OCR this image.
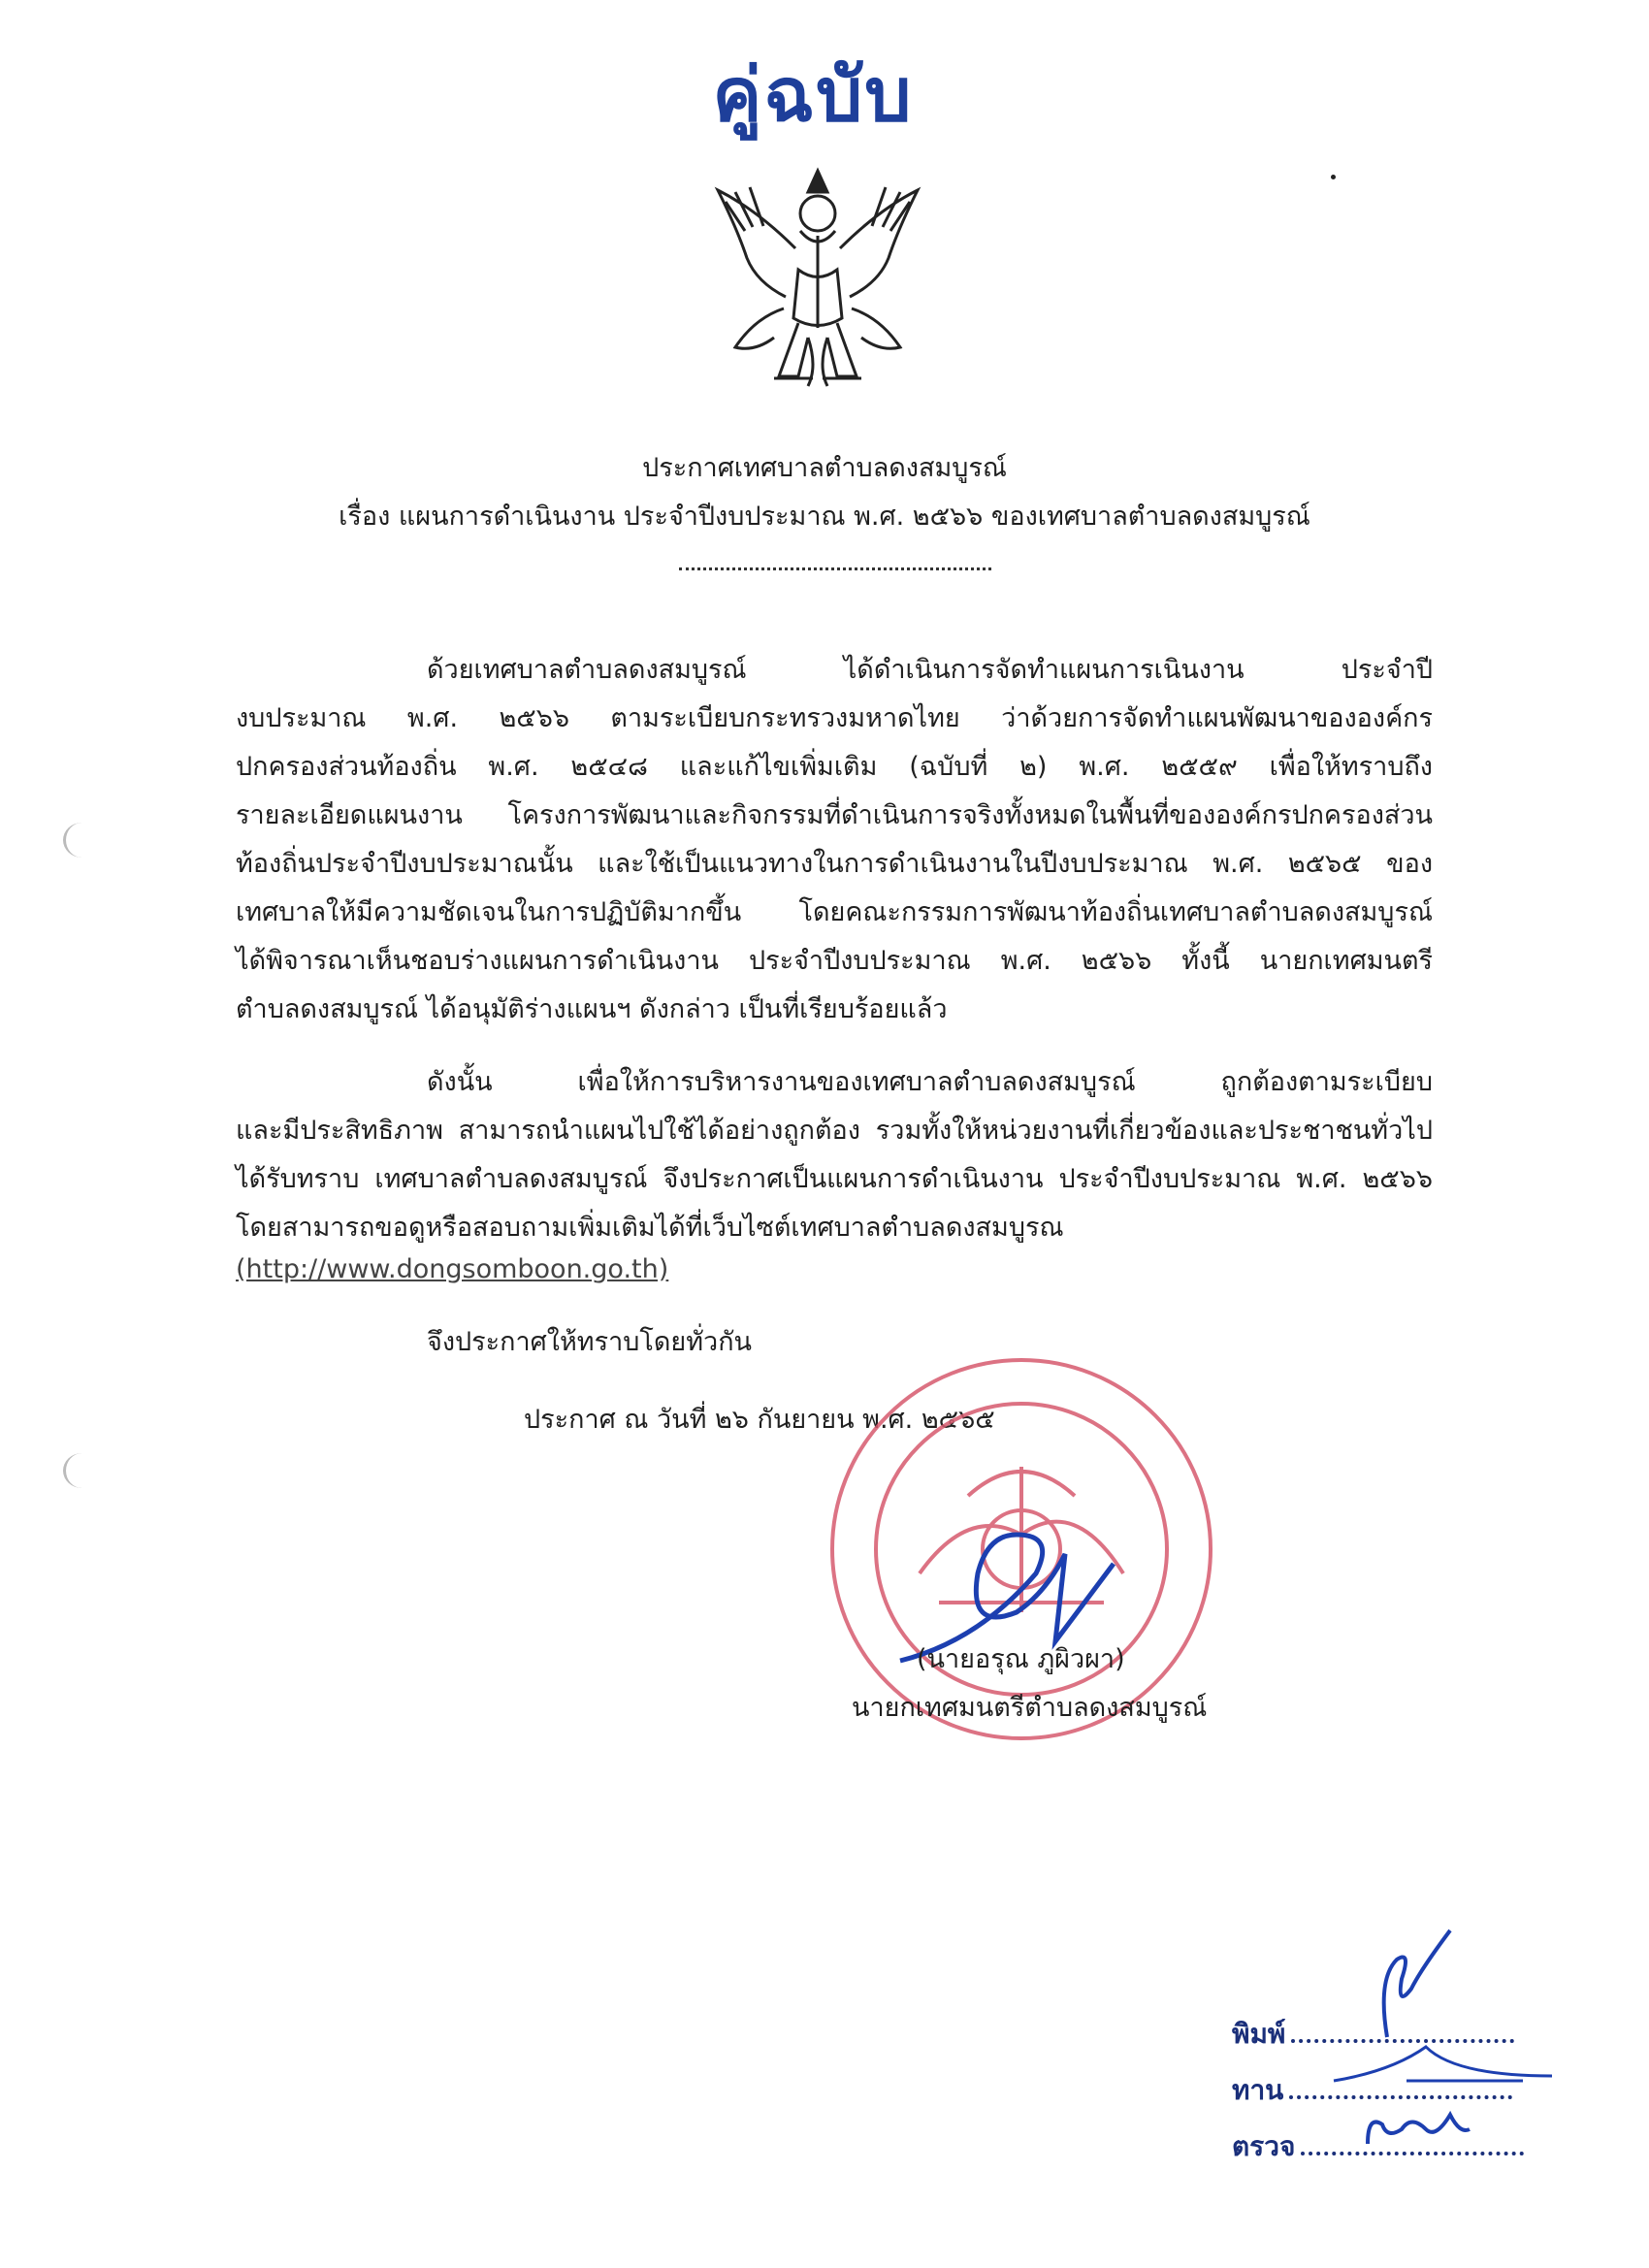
คู่ฉบับ
ประกาศเทศบาลตำบลดงสมบูรณ์
เรื่อง แผนการดำเนินงาน ประจำปีงบประมาณ พ.ศ. ๒๕๖๖ ของเทศบาลตำบลดงสมบูรณ์
ด้วยเทศบาลตำบลดงสมบูรณ์ ได้ดำเนินการจัดทำแผนการเนินงาน ประจำปี
งบประมาณ พ.ศ. ๒๕๖๖ ตามระเบียบกระทรวงมหาดไทย ว่าด้วยการจัดทำแผนพัฒนาขององค์กร
ปกครองส่วนท้องถิ่น พ.ศ. ๒๕๔๘ และแก้ไขเพิ่มเติม (ฉบับที่ ๒) พ.ศ. ๒๕๕๙ เพื่อให้ทราบถึง
รายละเอียดแผนงาน โครงการพัฒนาและกิจกรรมที่ดำเนินการจริงทั้งหมดในพื้นที่ขององค์กรปกครองส่วน
ท้องถิ่นประจำปีงบประมาณนั้น และใช้เป็นแนวทางในการดำเนินงานในปีงบประมาณ พ.ศ. ๒๕๖๕ ของ
เทศบาลให้มีความชัดเจนในการปฏิบัติมากขึ้น โดยคณะกรรมการพัฒนาท้องถิ่นเทศบาลตำบลดงสมบูรณ์
ได้พิจารณาเห็นชอบร่างแผนการดำเนินงาน ประจำปีงบประมาณ พ.ศ. ๒๕๖๖ ทั้งนี้ นายกเทศมนตรี
ตำบลดงสมบูรณ์ ได้อนุมัติร่างแผนฯ ดังกล่าว เป็นที่เรียบร้อยแล้ว
ดังนั้น เพื่อให้การบริหารงานของเทศบาลตำบลดงสมบูรณ์ ถูกต้องตามระเบียบ
และมีประสิทธิภาพ สามารถนำแผนไปใช้ได้อย่างถูกต้อง รวมทั้งให้หน่วยงานที่เกี่ยวข้องและประชาชนทั่วไป
ได้รับทราบ เทศบาลตำบลดงสมบูรณ์ จึงประกาศเป็นแผนการดำเนินงาน ประจำปีงบประมาณ พ.ศ. ๒๕๖๖
โดยสามารถขอดูหรือสอบถามเพิ่มเติมได้ที่เว็บไซต์เทศบาลตำบลดงสมบูรณ
(http://www.dongsomboon.go.th)
จึงประกาศให้ทราบโดยทั่วกัน
ประกาศ ณ วันที่ ๒๖ กันยายน พ.ศ. ๒๕๖๕
(นายอรุณ ภูผิวผา)
นายกเทศมนตรีตำบลดงสมบูรณ์
พิมพ์
ทาน
ตรวจ
